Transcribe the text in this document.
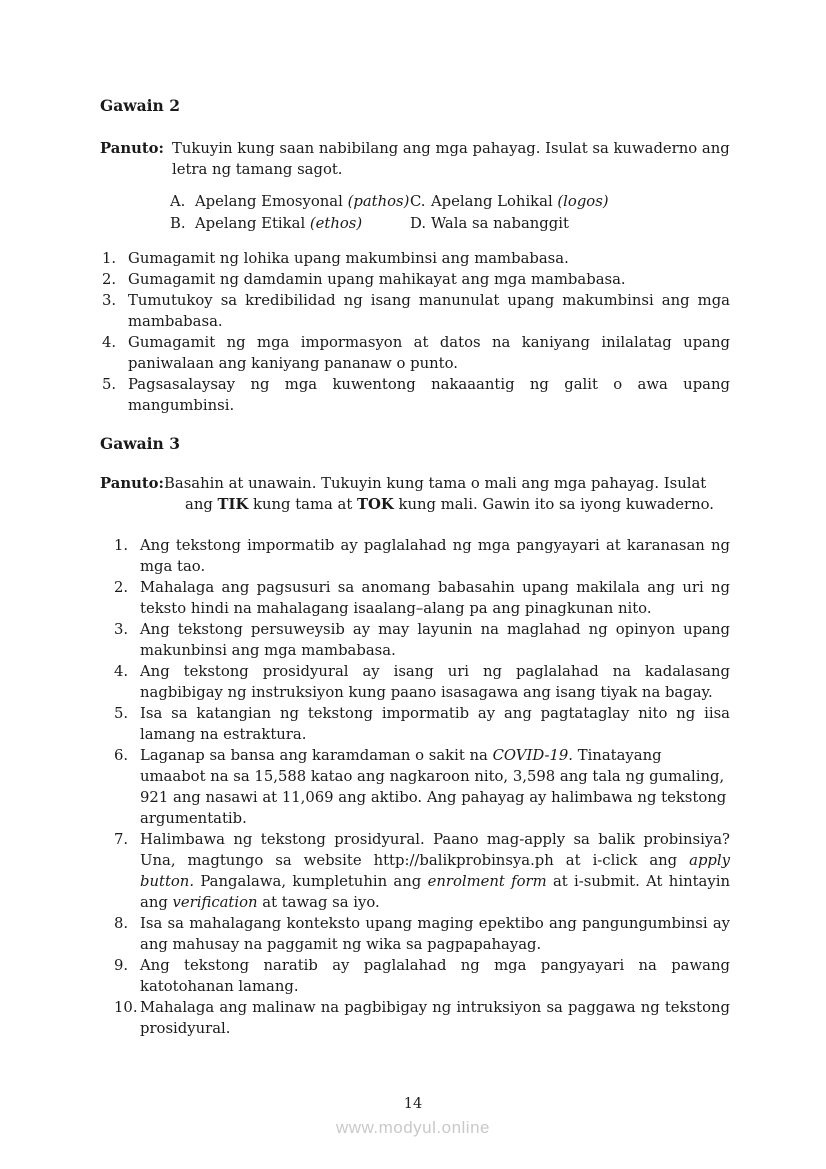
Gawain 2
Panuto: Tukuyin kung saan nabibilang ang mga pahayag. Isulat sa kuwaderno ang letra ng tamang sagot.
A. Apelang Emosyonal (pathos) C. Apelang Lohikal (logos)
B. Apelang Etikal (ethos)	D. Wala sa nabanggit
1. Gumagamit ng lohika upang makumbinsi ang mambabasa.
2. Gumagamit ng damdamin upang mahikayat ang mga mambabasa.
3. Tumutukoy sa kredibilidad ng isang manunulat upang makumbinsi ang mga mambabasa.
4. Gumagamit ng mga impormasyon at datos na kaniyang inilalatag upang paniwalaan ang kaniyang pananaw o punto.
5. Pagsasalaysay ng mga kuwentong nakaaantig ng galit o awa upang mangumbinsi.
Gawain 3
Panuto: Basahin at unawain. Tukuyin kung tama o mali ang mga pahayag. Isulat ang TIK kung tama at TOK kung mali. Gawin ito sa iyong kuwaderno.
1. Ang tekstong impormatib ay paglalahad ng mga pangyayari at karanasan ng mga tao.
2. Mahalaga ang pagsusuri sa anomang babasahin upang makilala ang uri ng teksto hindi na mahalagang isaalang–alang pa ang pinagkunan nito.
3. Ang tekstong persuweysib ay may layunin na maglahad ng opinyon upang makunbinsi ang mga mambabasa.
4. Ang tekstong prosidyural ay isang uri ng paglalahad na kadalasang nagbibigay ng instruksiyon kung paano isasagawa ang isang tiyak na bagay.
5. Isa sa katangian ng tekstong impormatib ay ang pagtataglay nito ng iisa lamang na estraktura.
6. Laganap sa bansa ang karamdaman o sakit na COVID-19. Tinatayang umaabot na sa 15,588 katao ang nagkaroon nito, 3,598 ang tala ng gumaling, 921 ang nasawi at 11,069 ang aktibo. Ang pahayag ay halimbawa ng tekstong argumentatib.
7. Halimbawa ng tekstong prosidyural. Paano mag-apply sa balik probinsiya? Una, magtungo sa website http://balikprobinsya.ph at i-click ang apply button. Pangalawa, kumpletuhin ang enrolment form at i-submit. At hintayin ang verification at tawag sa iyo.
8. Isa sa mahalagang konteksto upang maging epektibo ang pangungumbinsi ay ang mahusay na paggamit ng wika sa pagpapahayag.
9. Ang tekstong naratib ay paglalahad ng mga pangyayari na pawang katotohanan lamang.
10. Mahalaga ang malinaw na pagbibigay ng intruksiyon sa paggawa ng tekstong prosidyural.
14
www.modyul.online
